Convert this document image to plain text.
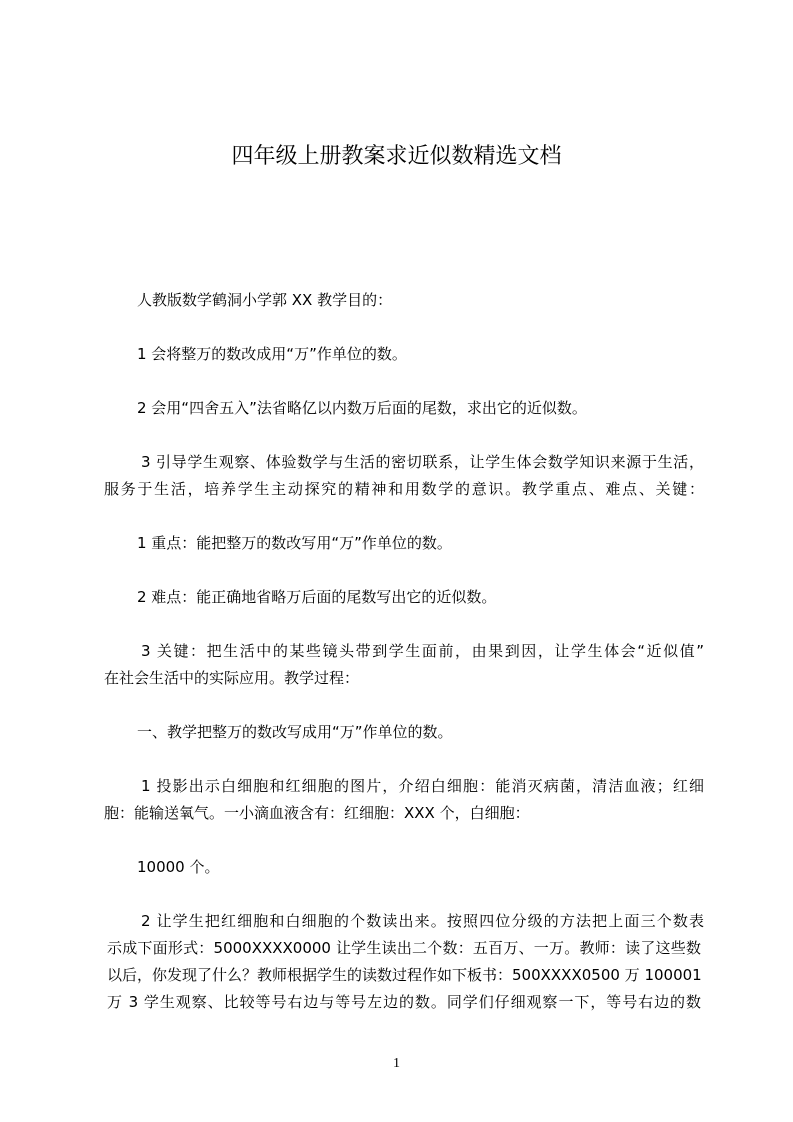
四年级上册教案求近似数精选文档
人教版数学鹤洞小学郭 XX 教学目的：
1 会将整万的数改成用“万”作单位的数。
2 会用“四舍五入”法省略亿以内数万后面的尾数，求出它的近似数。
3 引导学生观察、体验数学与生活的密切联系，让学生体会数学知识来源于生活，
服务于生活，培养学生主动探究的精神和用数学的意识。教学重点、难点、关键：
1 重点：能把整万的数改写用“万”作单位的数。
2 难点：能正确地省略万后面的尾数写出它的近似数。
3 关键：把生活中的某些镜头带到学生面前，由果到因，让学生体会“近似值”
在社会生活中的实际应用。教学过程：
一、教学把整万的数改写成用“万”作单位的数。
1 投影出示白细胞和红细胞的图片，介绍白细胞：能消灭病菌，清洁血液；红细
胞：能输送氧气。一小滴血液含有：红细胞：XXX 个，白细胞：
10000 个。
2 让学生把红细胞和白细胞的个数读出来。按照四位分级的方法把上面三个数表
示成下面形式：5000XXXX0000 让学生读出二个数：五百万、一万。教师：读了这些数
以后，你发现了什么？教师根据学生的读数过程作如下板书：500XXXX0500 万 100001
万 3 学生观察、比较等号右边与等号左边的数。同学们仔细观察一下，等号右边的数
1
